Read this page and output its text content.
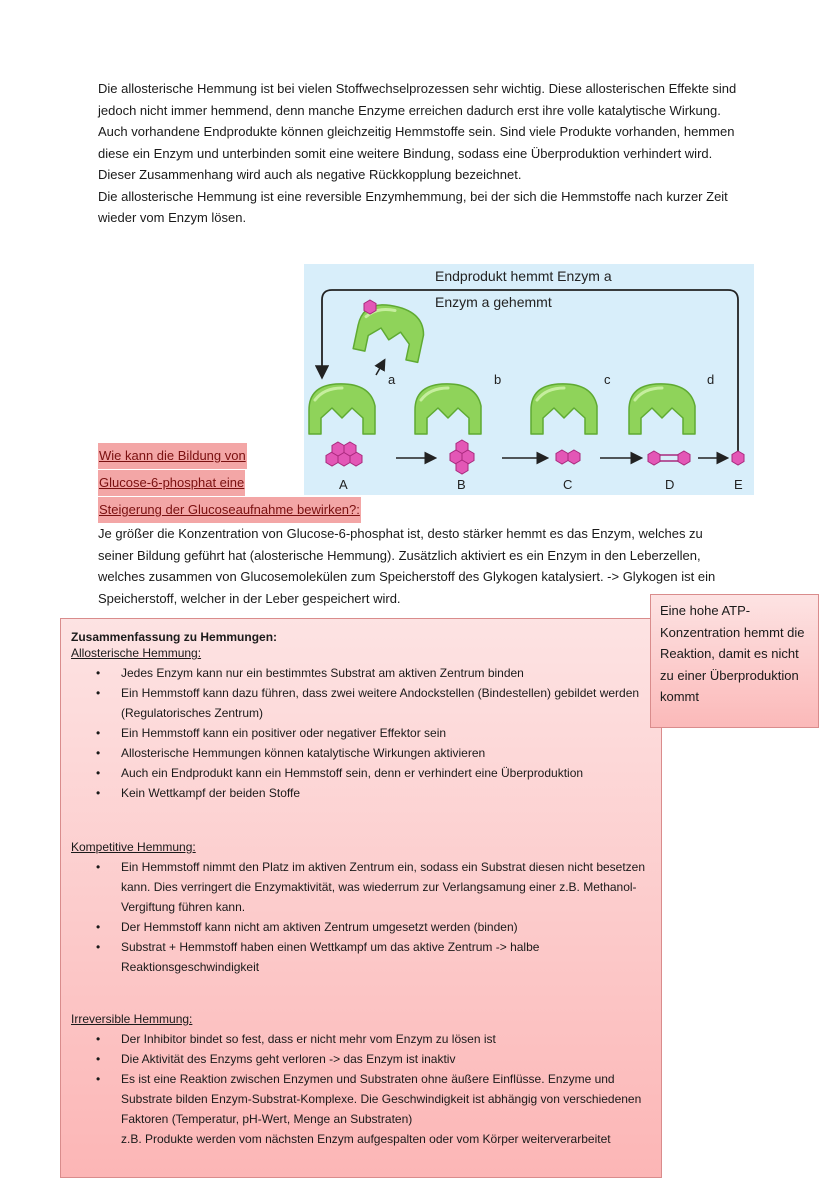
Die allosterische Hemmung ist bei vielen Stoffwechselprozessen sehr wichtig. Diese allosterischen Effekte sind jedoch nicht immer hemmend, denn manche Enzyme erreichen dadurch erst ihre volle katalytische Wirkung. Auch vorhandene Endprodukte können gleichzeitig Hemmstoffe sein. Sind viele Produkte vorhanden, hemmen diese ein Enzym und unterbinden somit eine weitere Bindung, sodass eine Überproduktion verhindert wird. Dieser Zusammenhang wird auch als negative Rückkopplung bezeichnet.

Die allosterische Hemmung ist eine reversible Enzymhemmung, bei der sich die Hemmstoffe nach kurzer Zeit wieder vom Enzym lösen.

Endprodukt hemmt Enzym a
Enzym a gehemmt
a	b	c	d
A	B	C	D	E
Wie kann die Bildung von
Glucose-6-phosphat eine
Steigerung der Glucoseaufnahme bewirken?:

Je größer die Konzentration von Glucose-6-phosphat ist, desto stärker hemmt es das Enzym, welches zu seiner Bildung geführt hat (alosterische Hemmung). Zusätzlich aktiviert es ein Enzym in den Leberzellen, welches zusammen von Glucosemolekülen zum Speicherstoff des Glykogen katalysiert. -> Glykogen ist ein Speicherstoff, welcher in der Leber gespeichert wird.

Zusammenfassung zu Hemmungen:
Allosterische Hemmung:
• Jedes Enzym kann nur ein bestimmtes Substrat am aktiven Zentrum binden
• Ein Hemmstoff kann dazu führen, dass zwei weitere Andockstellen (Bindestellen) gebildet werden (Regulatorisches Zentrum)
• Ein Hemmstoff kann ein positiver oder negativer Effektor sein
• Allosterische Hemmungen können katalytische Wirkungen aktivieren
• Auch ein Endprodukt kann ein Hemmstoff sein, denn er verhindert eine Überproduktion
• Kein Wettkampf der beiden Stoffe
Kompetitive Hemmung:
• Ein Hemmstoff nimmt den Platz im aktiven Zentrum ein, sodass ein Substrat diesen nicht besetzen kann. Dies verringert die Enzymaktivität, was wiederrum zur Verlangsamung einer z.B. Methanol-Vergiftung führen kann.
• Der Hemmstoff kann nicht am aktiven Zentrum umgesetzt werden (binden)
• Substrat + Hemmstoff haben einen Wettkampf um das aktive Zentrum -> halbe Reaktionsgeschwindigkeit
Irreversible Hemmung:
• Der Inhibitor bindet so fest, dass er nicht mehr vom Enzym zu lösen ist
• Die Aktivität des Enzyms geht verloren -> das Enzym ist inaktiv
• Es ist eine Reaktion zwischen Enzymen und Substraten ohne äußere Einflüsse. Enzyme und Substrate bilden Enzym-Substrat-Komplexe. Die Geschwindigkeit ist abhängig von verschiedenen Faktoren (Temperatur, pH-Wert, Menge an Substraten)
z.B. Produkte werden vom nächsten Enzym aufgespalten oder vom Körper weiterverarbeitet
Eine hohe ATP-Konzentration hemmt die Reaktion, damit es nicht zu einer Überproduktion kommt
